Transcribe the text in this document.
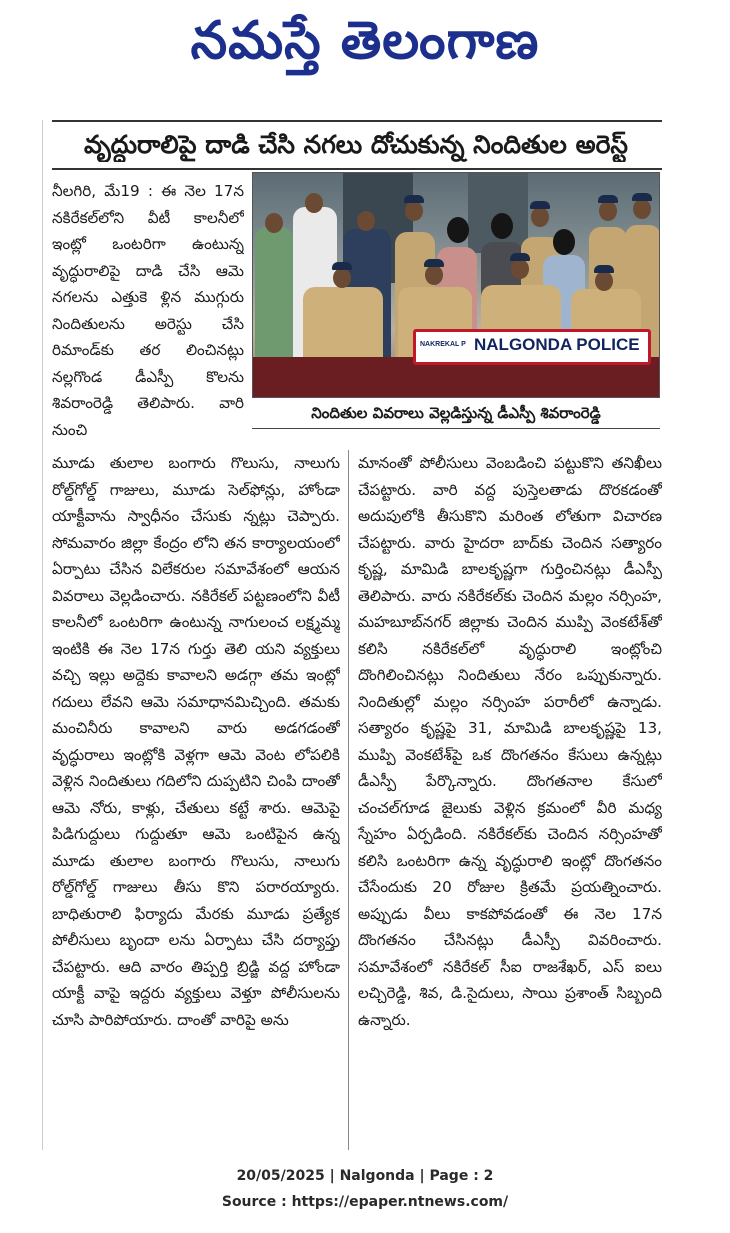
నమస్తే తెలంగాణ
వృద్ధురాలిపై దాడి చేసి నగలు దోచుకున్న నిందితుల అరెస్ట్
నీలగిరి, మే19 : ఈ నెల 17న నకిరేకల్‌లోని వీటీ కాలనీలో ఇంట్లో ఒంటరిగా ఉంటున్న వృద్ధురాలిపై దాడి చేసి ఆమె నగలను ఎత్తుకె ళ్లిన ముగ్గురు నిందితులను అరెస్టు చేసి రిమాండ్‌కు తర లించినట్లు నల్లగొండ డీఎస్పీ కొలను శివరాంరెడ్డి తెలిపారు. వారి నుంచి
NAKREKAL P NALGONDA POLICE
నిందితుల వివరాలు వెల్లడిస్తున్న డీఎస్పీ శివరాంరెడ్డి
మూడు తులాల బంగారు గొలుసు, నాలుగు రోల్డ్‌గోల్డ్ గాజులు, మూడు సెల్‌ఫోన్లు, హోండా యాక్టీవాను స్వాధీనం చేసుకు న్నట్లు చెప్పారు. సోమవారం జిల్లా కేంద్రం లోని తన కార్యాలయంలో ఏర్పాటు చేసిన విలేకరుల సమావేశంలో ఆయన వివరాలు వెల్లడించారు. నకిరేకల్ పట్టణంలోని వీటీ కాలనీలో ఒంటరిగా ఉంటున్న నాగులంచ లక్ష్మమ్మ ఇంటికి ఈ నెల 17న గుర్తు తెలి యని వ్యక్తులు వచ్చి ఇల్లు అద్దెకు కావాలని అడగ్గా తమ ఇంట్లో గదులు లేవని ఆమె సమాధానమిచ్చింది. తమకు మంచినీరు కావాలని వారు అడగడంతో వృద్ధురాలు ఇంట్లోకి వెళ్లగా ఆమె వెంట లోపలికి వెళ్లిన నిందితులు గదిలోని దుప్పటిని చింపి దాంతో ఆమె నోరు, కాళ్లు, చేతులు కట్టే శారు. ఆమెపై పిడిగుద్దులు గుద్దుతూ ఆమె ఒంటిపైన ఉన్న మూడు తులాల బంగారు గొలుసు, నాలుగు రోల్డ్‌గోల్డ్ గాజులు తీసు కొని పరారయ్యారు. బాధితురాలి ఫిర్యాదు మేరకు మూడు ప్రత్యేక పోలీసులు బృందా లను ఏర్పాటు చేసి దర్యాప్తు చేపట్టారు. ఆది వారం తిప్పర్తి బ్రిడ్జి వద్ద హోండా యాక్టీ వాపై ఇద్దరు వ్యక్తులు వెళ్తూ పోలీసులను చూసి పారిపోయారు. దాంతో వారిపై అను
మానంతో పోలీసులు వెంబడించి పట్టుకొని తనిఖీలు చేపట్టారు. వారి వద్ద పుస్తెలతాడు దొరకడంతో అదుపులోకి తీసుకొని మరింత లోతుగా విచారణ చేపట్టారు. వారు హైదరా బాద్‌కు చెందిన సత్యారం కృష్ణ, మామిడి బాలకృష్ణగా గుర్తించినట్లు డీఎస్పీ తెలిపారు. వారు నకిరేకల్‌కు చెందిన మల్లం నర్సింహ, మహబూబ్‌నగర్ జిల్లాకు చెందిన ముప్పి వెంకటేశ్‌తో కలిసి నకిరేకల్‌లో వృద్ధురాలి ఇంట్లోంచి దొంగిలించినట్లు నిందితులు నేరం ఒప్పుకున్నారు. నిందితుల్లో మల్లం నర్సింహ పరారీలో ఉన్నాడు. సత్యారం కృష్ణపై 31, మామిడి బాలకృష్ణపై 13, ముప్పి వెంకటేశ్‌పై ఒక దొంగతనం కేసులు ఉన్నట్లు డీఎస్పీ పేర్కొన్నారు. దొంగతనాల కేసులో చంచల్‌గూడ జైలుకు వెళ్లిన క్రమంలో వీరి మధ్య స్నేహం ఏర్పడింది. నకిరేకల్‌కు చెందిన నర్సింహతో కలిసి ఒంటరిగా ఉన్న వృద్ధురాలి ఇంట్లో దొంగతనం చేసేందుకు 20 రోజుల క్రితమే ప్రయత్నించారు. అప్పుడు వీలు కాకపోవడంతో ఈ నెల 17న దొంగతనం చేసినట్లు డీఎస్పీ వివరించారు. సమావేశంలో నకిరేకల్ సీఐ రాజశేఖర్, ఎస్ ఐలు లచ్చిరెడ్డి, శివ, డి.సైదులు, సాయి ప్రశాంత్ సిబ్బంది ఉన్నారు.
20/05/2025 | Nalgonda | Page : 2
Source : https://epaper.ntnews.com/
